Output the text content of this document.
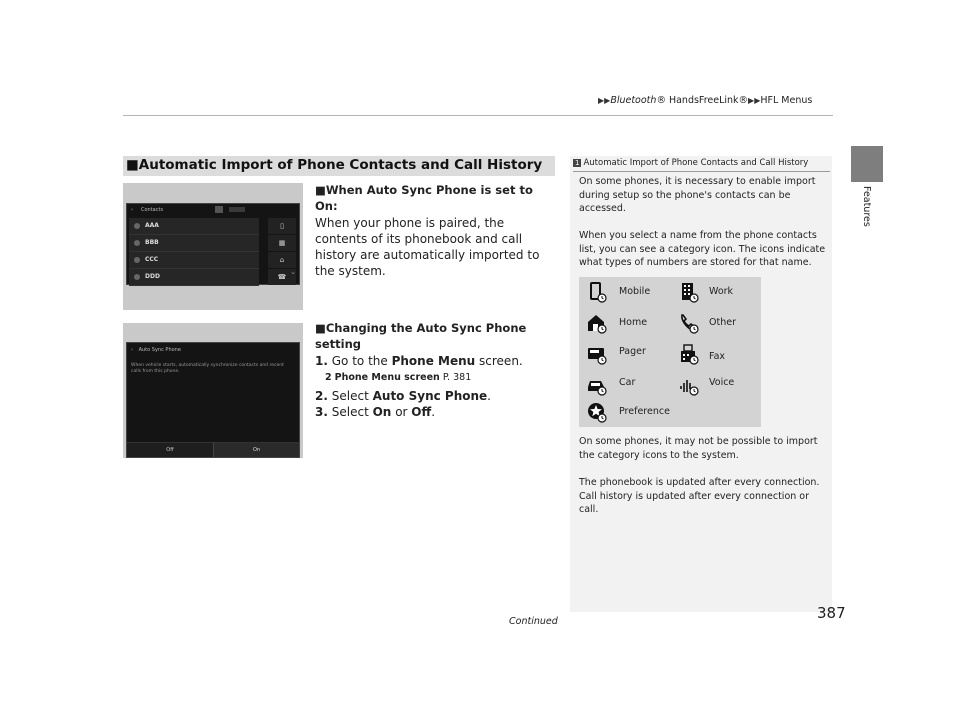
▶▶Bluetooth® HandsFreeLink®▶▶HFL Menus
Features
■Automatic Import of Phone Contacts and Call History
› Contacts
AAA
BBB
CCC
DDD
▯
▦
⌂
☎
⌄
› Auto Sync Phone
When vehicle starts, automatically synchronize contacts and recent calls from this phone.
Off	On
■When Auto Sync Phone is set to On:
When your phone is paired, the contents of its phonebook and call history are automatically imported to the system.
■Changing the Auto Sync Phone setting
1. Go to the Phone Menu screen.
2 Phone Menu screen P. 381
2. Select Auto Sync Phone.
3. Select On or Off.
1 Automatic Import of Phone Contacts and Call History
On some phones, it is necessary to enable import during setup so the phone's contacts can be accessed.
When you select a name from the phone contacts list, you can see a category icon. The icons indicate what types of numbers are stored for that name.
Mobile	Work
Home	Other
Pager	Fax
Car	Voice
Preference
On some phones, it may not be possible to import the category icons to the system.
The phonebook is updated after every connection. Call history is updated after every connection or call.
Continued	387
